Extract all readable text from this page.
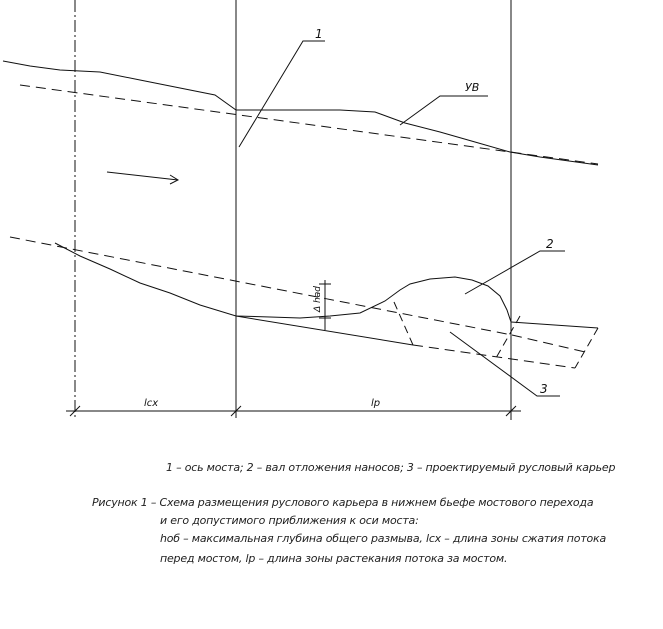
1
2
3
УВ
Δ hаd
lсх	lр
1 – ось моста; 2 – вал отложения наносов; 3 – проектируемый русловый карьер
Рисунок 1 – Схема размещения руслового карьера в нижнем бьефе мостового перехода
и его допустимого приближения к оси моста:
hоб – максимальная глубина общего размыва, lсх – длина зоны сжатия потока
перед мостом, lр – длина зоны растекания потока за мостом.
